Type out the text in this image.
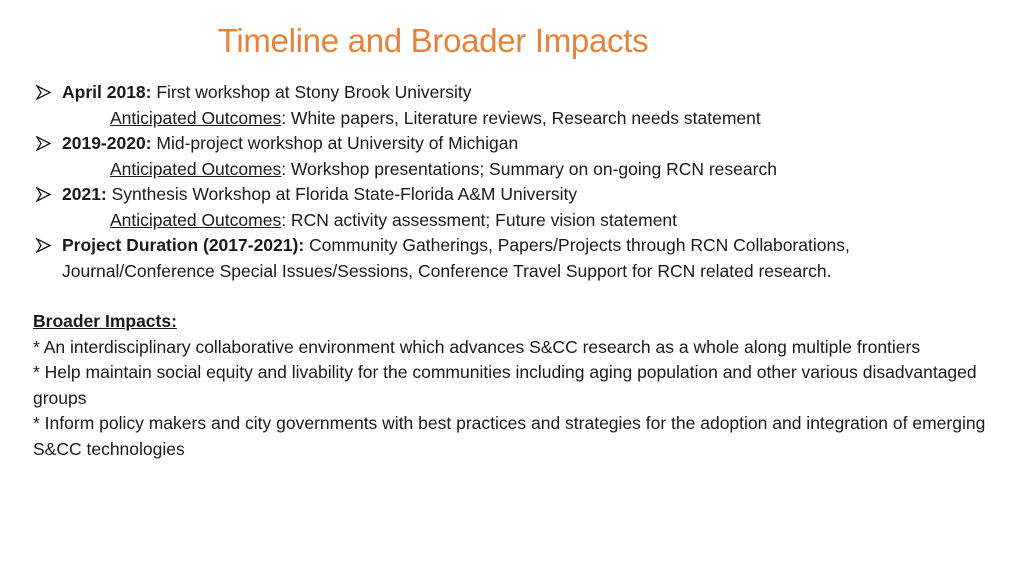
Timeline and Broader Impacts
April 2018: First workshop at Stony Brook University
Anticipated Outcomes: White papers, Literature reviews, Research needs statement
2019-2020: Mid-project workshop at University of Michigan
Anticipated Outcomes: Workshop presentations; Summary on on-going RCN research
2021: Synthesis Workshop at Florida State-Florida A&M University
Anticipated Outcomes: RCN activity assessment; Future vision statement
Project Duration (2017-2021): Community Gatherings, Papers/Projects through RCN Collaborations, Journal/Conference Special Issues/Sessions, Conference Travel Support for RCN related research.
Broader Impacts:
* An interdisciplinary collaborative environment which advances S&CC research as a whole along multiple frontiers
* Help maintain social equity and livability for the communities including aging population and other various disadvantaged groups
* Inform policy makers and city governments with best practices and strategies for the adoption and integration of emerging S&CC technologies
